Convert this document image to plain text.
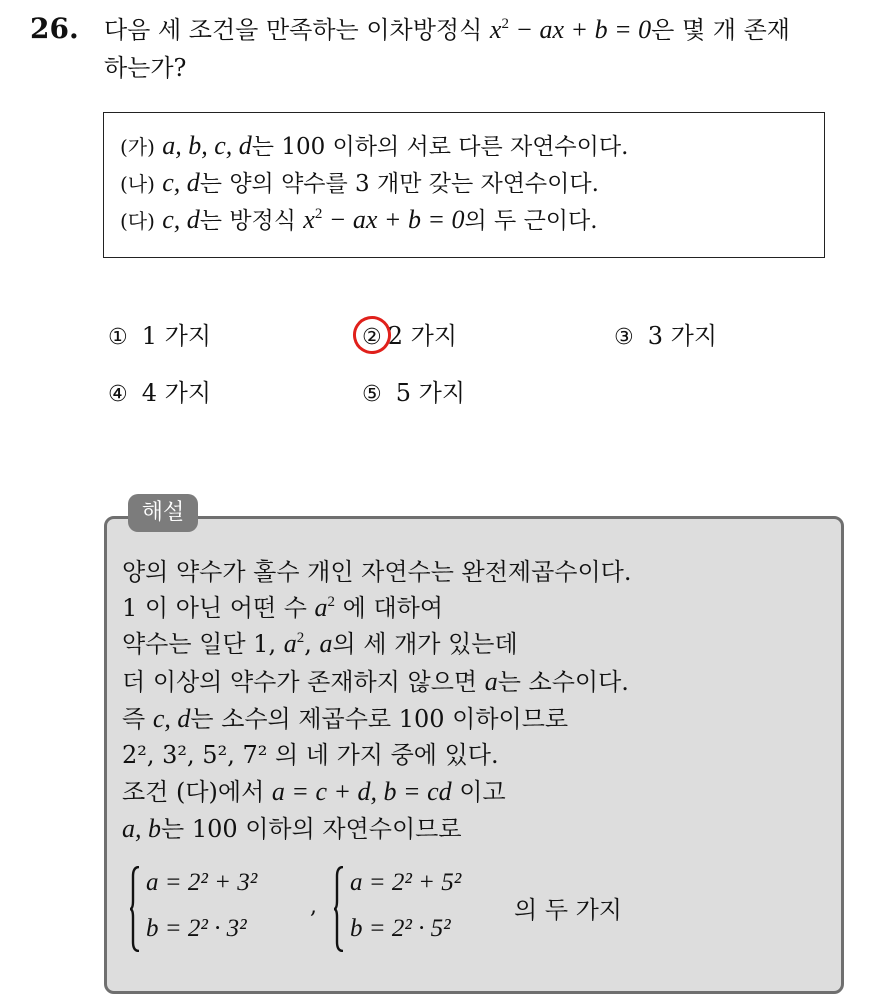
26. 다음 세 조건을 만족하는 이차방정식 $x^2$ − ax + b = 0은 몇 개 존재
하는가?
(가) a, b, c, d는 100 이하의 서로 다른 자연수이다.
(나) c, d는 양의 약수를 3 개만 갖는 자연수이다.
(다) c, d는 방정식 $x^2$ − ax + b = 0의 두 근이다.
① 1 가지	② 2 가지	③ 3 가지
④ 4 가지	⑤ 5 가지
해설
양의 약수가 홀수 개인 자연수는 완전제곱수이다.
1 이 아닌 어떤 수 $a^2$ 에 대하여
약수는 일단 1, $a^2$, a의 세 개가 있는데
더 이상의 약수가 존재하지 않으면 a는 소수이다.
즉 c, d는 소수의 제곱수로 100 이하이므로
2², 3², 5², 7² 의 네 가지 중에 있다.
조건 (다)에서 a = c + d, b = cd 이고
a, b는 100 이하의 자연수이므로
a = 2² + 3²
b = 2² · 3²
,
a = 2² + 5²
b = 2² · 5²
의 두 가지
